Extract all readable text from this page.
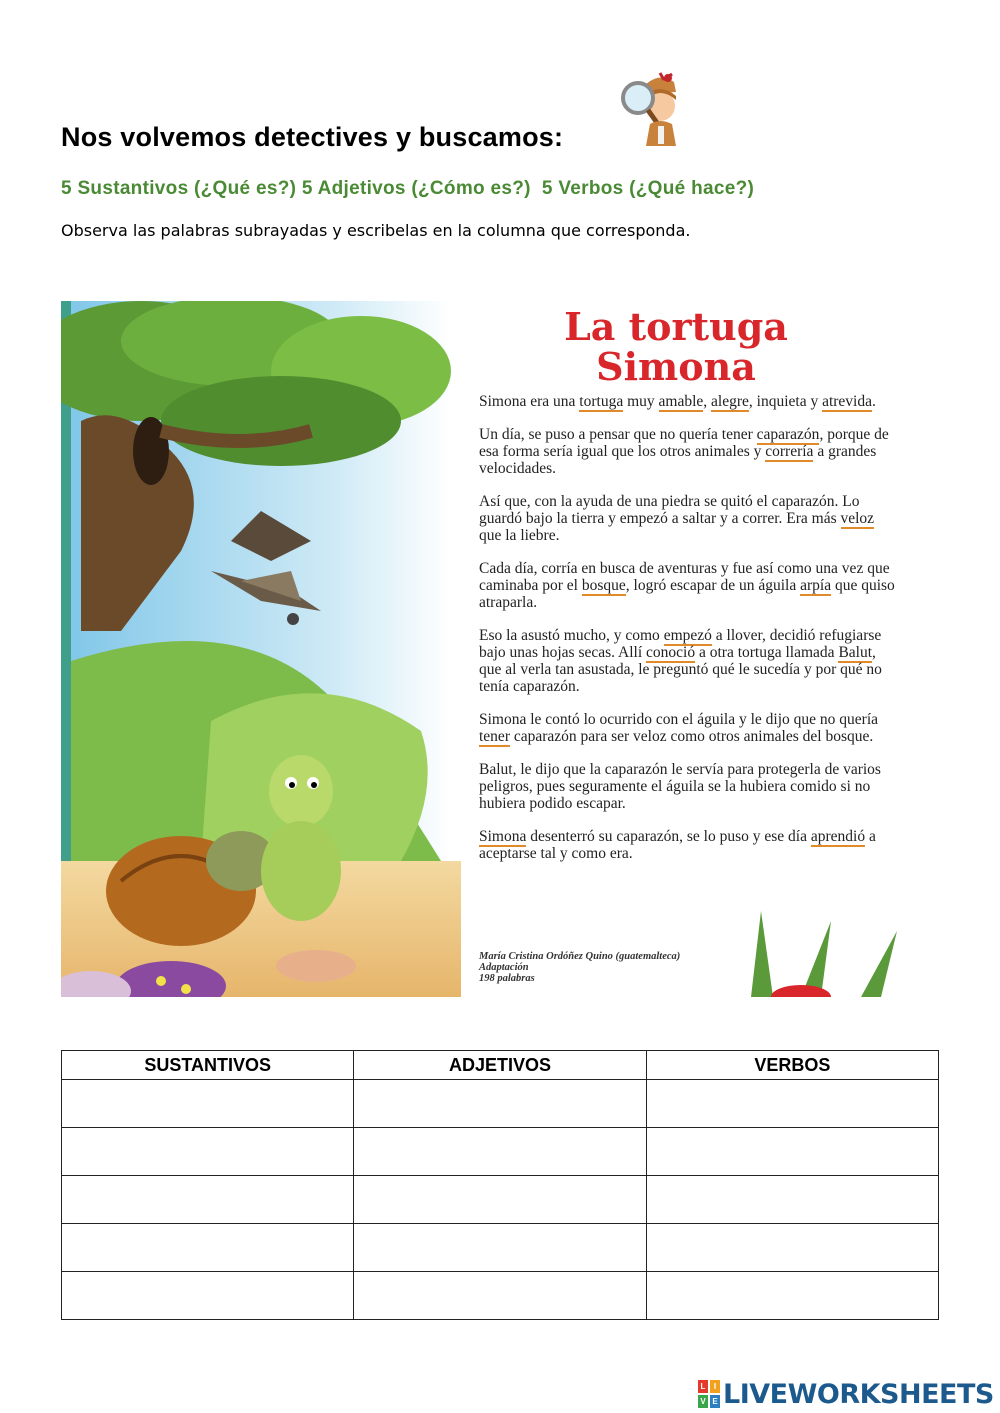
Nos volvemos detectives y buscamos:
5 Sustantivos (¿Qué es?) 5 Adjetivos (¿Cómo es?)  5 Verbos (¿Qué hace?)
Observa las palabras subrayadas y escribelas en la columna que corresponda.
La tortuga
Simona

Simona era una tortuga muy amable, alegre, inquieta y atrevida.

Un día, se puso a pensar que no quería tener caparazón, porque de esa forma sería igual que los otros animales y correría a grandes velocidades.

Así que, con la ayuda de una piedra se quitó el caparazón. Lo guardó bajo la tierra y empezó a saltar y a correr. Era más veloz que la liebre.

Cada día, corría en busca de aventuras y fue así como una vez que caminaba por el bosque, logró escapar de un águila arpía que quiso atraparla.

Eso la asustó mucho, y como empezó a llover, decidió refugiarse bajo unas hojas secas. Allí conoció a otra tortuga llamada Balut, que al verla tan asustada, le preguntó qué le sucedía y por qué no tenía caparazón.

Simona le contó lo ocurrido con el águila y le dijo que no quería tener caparazón para ser veloz como otros animales del bosque.

Balut, le dijo que la caparazón le servía para protegerla de varios peligros, pues seguramente el águila se la hubiera comido si no hubiera podido escapar.

Simona desenterró su caparazón, se lo puso y ese día aprendió a aceptarse tal y como era.

María Cristina Ordóñez Quino (guatemalteca)
Adaptación
198 palabras
SUSTANTIVOS	ADJETIVOS	VERBOS

L	I
V E LIVEWORKSHEETS
